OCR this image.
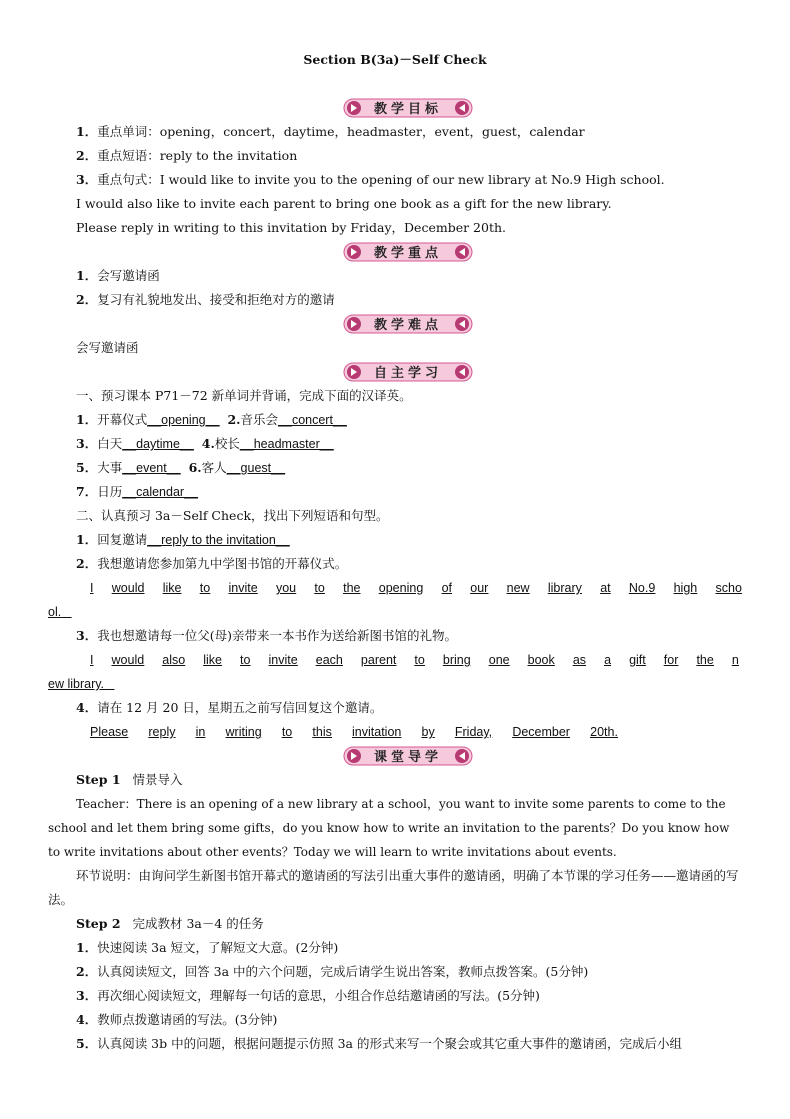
Section B(3a)－Self Check
教学目标
1．重点单词：opening，concert，daytime，headmaster，event，guest，calendar
2．重点短语：reply to the invitation
3．重点句式：I would like to invite you to the opening of our new library at No.9 High school.
I would also like to invite each parent to bring one book as a gift for the new library.
Please reply in writing to this invitation by Friday，December 20th.
教学重点
1．会写邀请函
2．复习有礼貌地发出、接受和拒绝对方的邀请
教学难点
会写邀请函
自主学习
一、预习课本 P71－72 新单词并背诵，完成下面的汉译英。
1．开幕仪式__opening__ 2.音乐会__concert__
3．白天__daytime__ 4.校长__headmaster__
5．大事__event__ 6.客人__guest__
7．日历__calendar__
二、认真预习 3a－Self Check，找出下列短语和句型。
1．回复邀请__reply to the invitation__
2．我想邀请您参加第九中学图书馆的开幕仪式。
I would like to invite you to the opening of our new library at No.9 high scho
ol.
3．我也想邀请每一位父(母)亲带来一本书作为送给新图书馆的礼物。
I would also like to invite each parent to bring one book as a gift for the n
ew library.
4．请在 12 月 20 日，星期五之前写信回复这个邀请。
Please reply in writing to this invitation by Friday, December 20th.
课堂导学
Step 1 情景导入
Teacher：There is an opening of a new library at a school，you want to invite some parents to come to the school and let them bring some gifts，do you know how to write an invitation to the parents？Do you know how to write invitations about other events？Today we will learn to write invitations about events.
环节说明：由询问学生新图书馆开幕式的邀请函的写法引出重大事件的邀请函，明确了本节课的学习任务——邀请函的写法。
Step 2 完成教材 3a－4 的任务
1．快速阅读 3a 短文，了解短文大意。(2分钟)
2．认真阅读短文，回答 3a 中的六个问题，完成后请学生说出答案，教师点拨答案。(5分钟)
3．再次细心阅读短文，理解每一句话的意思，小组合作总结邀请函的写法。(5分钟)
4．教师点拨邀请函的写法。(3分钟)
5．认真阅读 3b 中的问题，根据问题提示仿照 3a 的形式来写一个聚会或其它重大事件的邀请函，完成后小组
